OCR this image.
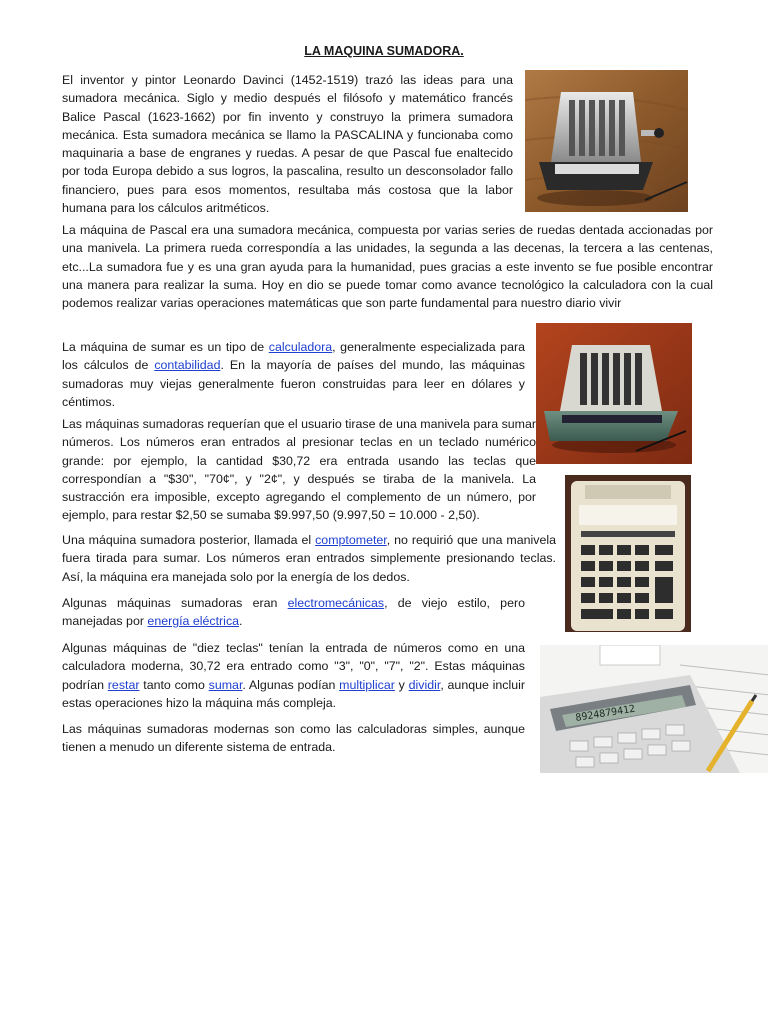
LA MAQUINA SUMADORA.

El inventor y pintor Leonardo Davinci (1452-1519) trazó las ideas para una sumadora mecánica. Siglo y medio después el filósofo y matemático francés Balice Pascal (1623-1662) por fin invento y construyo la primera sumadora mecánica. Esta sumadora mecánica se llamo la PASCALINA y funcionaba como maquinaria a base de engranes y ruedas. A pesar de que Pascal fue enaltecido por toda Europa debido a sus logros, la pascalina, resulto un desconsolador fallo financiero, pues para esos momentos, resultaba más costosa que la labor humana para los cálculos aritméticos.

La máquina de Pascal era una sumadora mecánica, compuesta por varias series de ruedas dentada accionadas por una manivela. La primera rueda correspondía a las unidades, la segunda a las decenas, la tercera a las centenas, etc...La sumadora fue y es una gran ayuda para la humanidad, pues gracias a este invento se fue posible encontrar una manera para realizar la suma. Hoy en dio se puede tomar como avance tecnológico la calculadora con la cual podemos realizar varias operaciones matemáticas que son parte fundamental para nuestro diario vivir

La máquina de sumar es un tipo de calculadora, generalmente especializada para los cálculos de contabilidad. En la mayoría de países del mundo, las máquinas sumadoras muy viejas generalmente fueron construidas para leer en dólares y céntimos.

Las máquinas sumadoras requerían que el usuario tirase de una manivela para sumar números. Los números eran entrados al presionar teclas en un teclado numérico grande: por ejemplo, la cantidad $30,72 era entrada usando las teclas que correspondían a "$30", "70¢", y "2¢", y después se tiraba de la manivela. La sustracción era imposible, excepto agregando el complemento de un número, por ejemplo, para restar $2,50 se sumaba $9.997,50 (9.997,50 = 10.000 - 2,50).

Una máquina sumadora posterior, llamada el comptometer, no requirió que una manivela fuera tirada para sumar. Los números eran entrados simplemente presionando teclas. Así, la máquina era manejada solo por la energía de los dedos.

Algunas máquinas sumadoras eran electromecánicas, de viejo estilo, pero manejadas por energía eléctrica.

Algunas máquinas de "diez teclas" tenían la entrada de números como en una calculadora moderna, 30,72 era entrado como "3", "0", "7", "2". Estas máquinas podrían restar tanto como sumar. Algunas podían multiplicar y dividir, aunque incluir estas operaciones hizo la máquina más compleja.

8924879412

Las máquinas sumadoras modernas son como las calculadoras simples, aunque tienen a menudo un diferente sistema de entrada.
